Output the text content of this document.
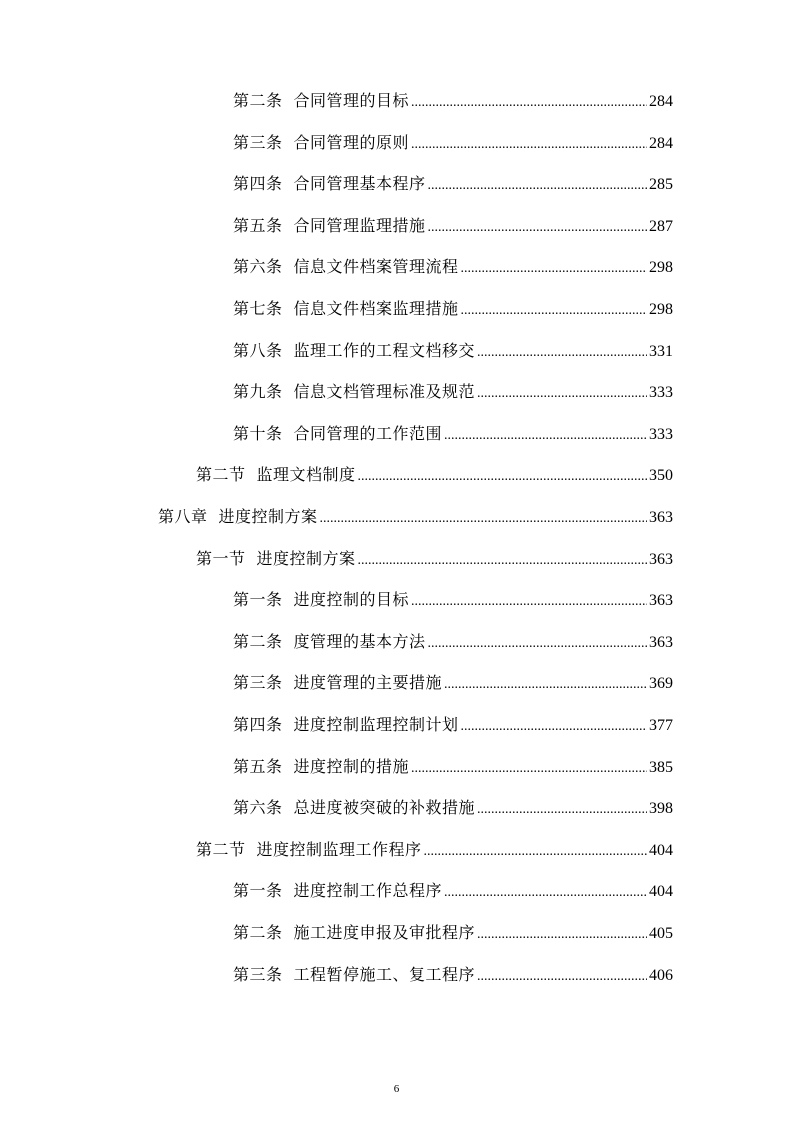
第二条 合同管理的目标 .....	284
第三条 合同管理的原则 .....	284
第四条 合同管理基本程序 .....	285
第五条 合同管理监理措施 .....	287
第六条 信息文件档案管理流程 .....	298
第七条 信息文件档案监理措施 .....	298
第八条 监理工作的工程文档移交 .....	331
第九条 信息文档管理标准及规范 .....	333
第十条 合同管理的工作范围 .....	333
第二节 监理文档制度 .....	350
第八章 进度控制方案 .....	363
第一节 进度控制方案 .....	363
第一条 进度控制的目标 .....	363
第二条 度管理的基本方法 .....	363
第三条 进度管理的主要措施 .....	369
第四条 进度控制监理控制计划 .....	377
第五条 进度控制的措施 .....	385
第六条 总进度被突破的补救措施 .....	398
第二节 进度控制监理工作程序 .....	404
第一条 进度控制工作总程序 .....	404
第二条 施工进度申报及审批程序 .....	405
第三条 工程暂停施工、复工程序 .....	406
6
